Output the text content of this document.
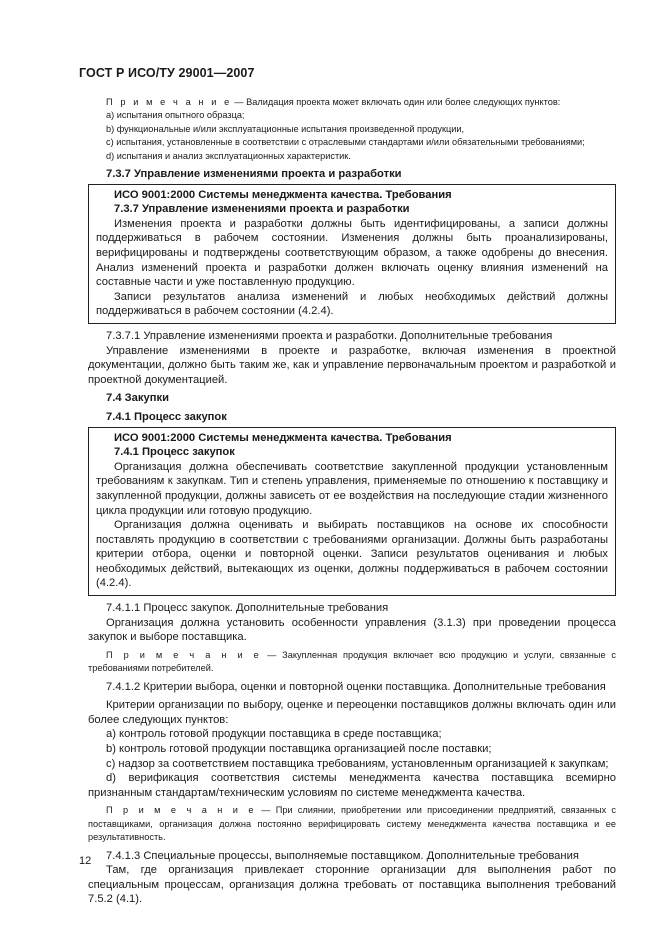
ГОСТ Р ИСО/ТУ 29001—2007

П р и м е ч а н и е — Валидация проекта может включать один или более следующих пунктов:

a) испытания опытного образца;

b) функциональные и/или эксплуатационные испытания произведенной продукции,

c) испытания, установленные в соответствии с отраслевыми стандартами и/или обязательными требованиями;

d) испытания и анализ эксплуатационных характеристик.

7.3.7 Управление изменениями проекта и разработки

ИСО 9001:2000 Системы менеджмента качества. Требования

7.3.7 Управление изменениями проекта и разработки

Изменения проекта и разработки должны быть идентифицированы, а записи должны поддерживаться в рабочем состоянии. Изменения должны быть проанализированы, верифицированы и подтверждены соответствующим образом, а также одобрены до внесения. Анализ изменений проекта и разработки должен включать оценку влияния изменений на составные части и уже поставленную продукцию.

Записи результатов анализа изменений и любых необходимых действий должны поддерживаться в рабочем состоянии (4.2.4).

7.3.7.1 Управление изменениями проекта и разработки. Дополнительные требования

Управление изменениями в проекте и разработке, включая изменения в проектной документации, должно быть таким же, как и управление первоначальным проектом и разработкой и проектной документацией.

7.4 Закупки

7.4.1 Процесс закупок

ИСО 9001:2000 Системы менеджмента качества. Требования

7.4.1 Процесс закупок

Организация должна обеспечивать соответствие закупленной продукции установленным требованиям к закупкам. Тип и степень управления, применяемые по отношению к поставщику и закупленной продукции, должны зависеть от ее воздействия на последующие стадии жизненного цикла продукции или готовую продукцию.

Организация должна оценивать и выбирать поставщиков на основе их способности поставлять продукцию в соответствии с требованиями организации. Должны быть разработаны критерии отбора, оценки и повторной оценки. Записи результатов оценивания и любых необходимых действий, вытекающих из оценки, должны поддерживаться в рабочем состоянии (4.2.4).

7.4.1.1 Процесс закупок. Дополнительные требования

Организация должна установить особенности управления (3.1.3) при проведении процесса закупок и выборе поставщика.

П р и м е ч а н и е — Закупленная продукция включает всю продукцию и услуги, связанные с требованиями потребителей.

7.4.1.2 Критерии выбора, оценки и повторной оценки поставщика. Дополнительные требования

Критерии организации по выбору, оценке и переоценки поставщиков должны включать один или более следующих пунктов:

a) контроль готовой продукции поставщика в среде поставщика;

b) контроль готовой продукции поставщика организацией после поставки;

c) надзор за соответствием поставщика требованиям, установленным организацией к закупкам;

d) верификация соответствия системы менеджмента качества поставщика всемирно признанным стандартам/техническим условиям по системе менеджмента качества.

П р и м е ч а н и е — При слиянии, приобретении или присоединении предприятий, связанных с поставщиками, организация должна постоянно верифицировать систему менеджмента качества поставщика и ее результативность.

7.4.1.3 Специальные процессы, выполняемые поставщиком. Дополнительные требования

Там, где организация привлекает сторонние организации для выполнения работ по специальным процессам, организация должна требовать от поставщика выполнения требований 7.5.2 (4.1).

12
